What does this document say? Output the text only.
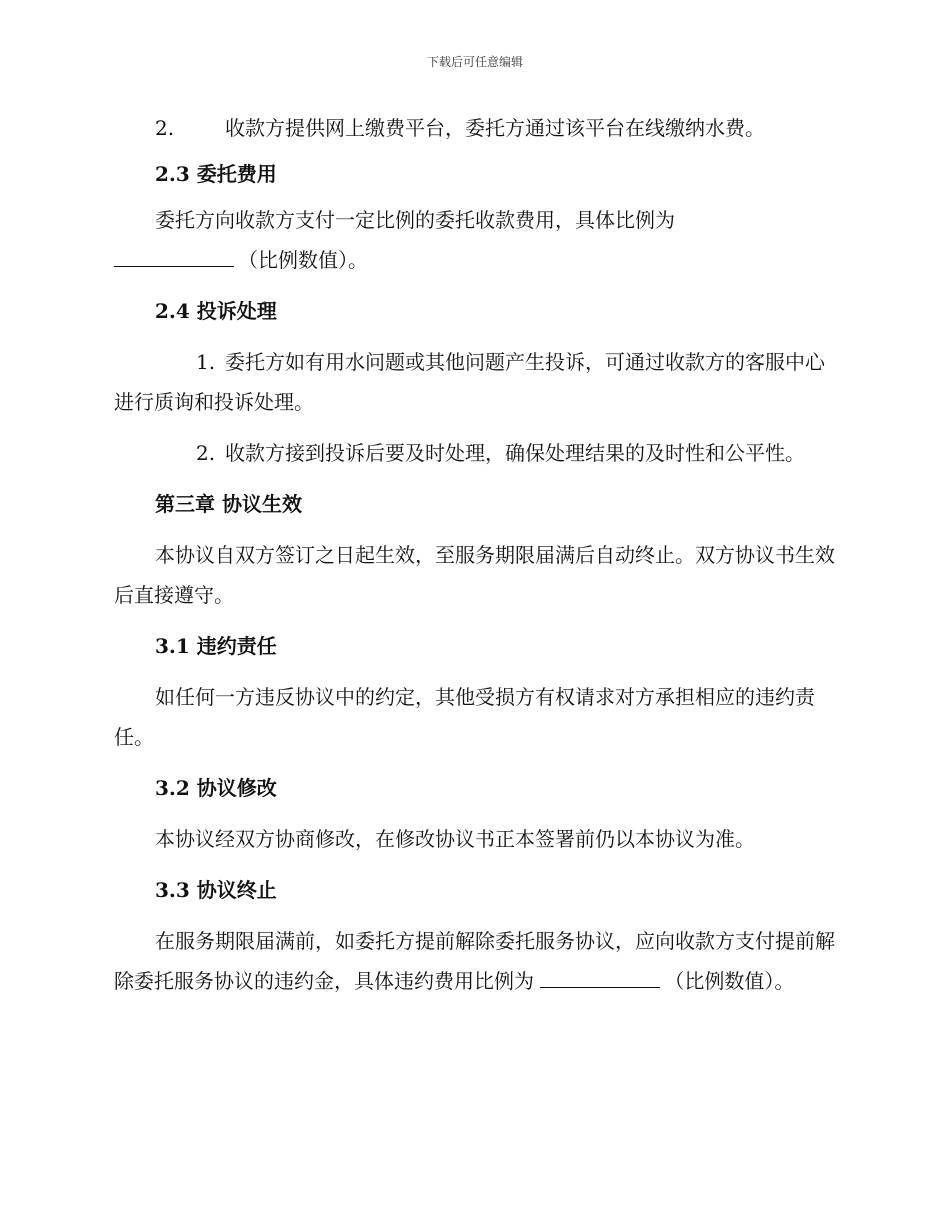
下载后可任意编辑

2.	收款方提供网上缴费平台，委托方通过该平台在线缴纳水费。

2.3 委托费用

委托方向收款方支付一定比例的委托收款费用，具体比例为
（比例数值）。

2.4 投诉处理

1. 委托方如有用水问题或其他问题产生投诉，可通过收款方的客服中心进行质询和投诉处理。

2. 收款方接到投诉后要及时处理，确保处理结果的及时性和公平性。

第三章 协议生效

本协议自双方签订之日起生效，至服务期限届满后自动终止。双方协议书生效后直接遵守。

3.1 违约责任

如任何一方违反协议中的约定，其他受损方有权请求对方承担相应的违约责任。

3.2 协议修改

本协议经双方协商修改，在修改协议书正本签署前仍以本协议为准。

3.3 协议终止

在服务期限届满前，如委托方提前解除委托服务协议，应向收款方支付提前解除委托服务协议的违约金，具体违约费用比例为	（比例数值）。
